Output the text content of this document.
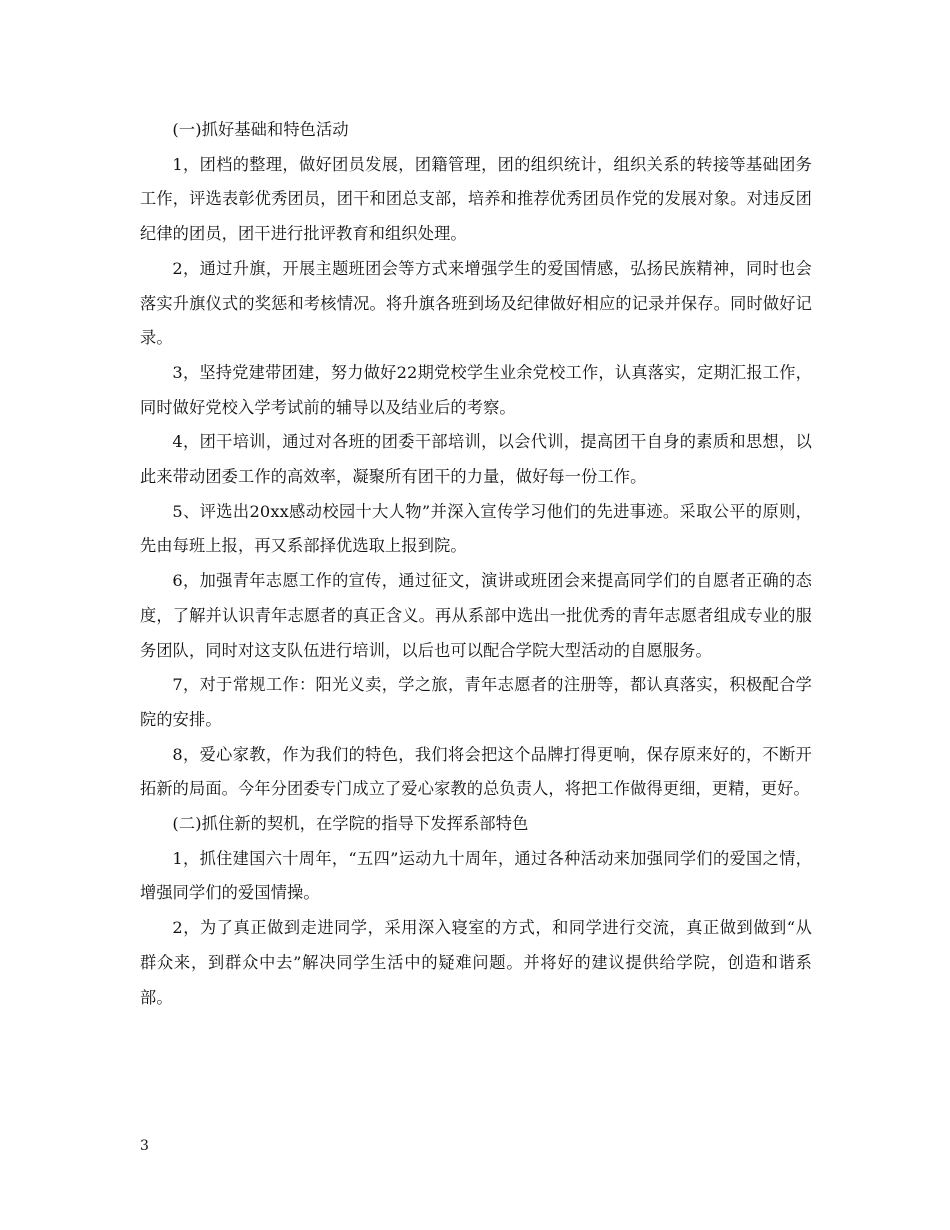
(一)抓好基础和特色活动

1，团档的整理，做好团员发展，团籍管理，团的组织统计，组织关系的转接等基础团务工作，评选表彰优秀团员，团干和团总支部，培养和推荐优秀团员作党的发展对象。对违反团纪律的团员，团干进行批评教育和组织处理。

2，通过升旗，开展主题班团会等方式来增强学生的爱国情感，弘扬民族精神，同时也会落实升旗仪式的奖惩和考核情况。将升旗各班到场及纪律做好相应的记录并保存。同时做好记录。

3，坚持党建带团建，努力做好22期党校学生业余党校工作，认真落实，定期汇报工作，同时做好党校入学考试前的辅导以及结业后的考察。

4，团干培训，通过对各班的团委干部培训，以会代训，提高团干自身的素质和思想，以此来带动团委工作的高效率，凝聚所有团干的力量，做好每一份工作。

5、评选出20xx感动校园十大人物”并深入宣传学习他们的先进事迹。采取公平的原则，先由每班上报，再又系部择优选取上报到院。

6，加强青年志愿工作的宣传，通过征文，演讲或班团会来提高同学们的自愿者正确的态度，了解并认识青年志愿者的真正含义。再从系部中选出一批优秀的青年志愿者组成专业的服务团队，同时对这支队伍进行培训，以后也可以配合学院大型活动的自愿服务。

7，对于常规工作：阳光义卖，学之旅，青年志愿者的注册等，都认真落实，积极配合学院的安排。

8，爱心家教，作为我们的特色，我们将会把这个品牌打得更响，保存原来好的，不断开拓新的局面。今年分团委专门成立了爱心家教的总负责人，将把工作做得更细，更精，更好。

(二)抓住新的契机，在学院的指导下发挥系部特色

1，抓住建国六十周年，“五四”运动九十周年，通过各种活动来加强同学们的爱国之情，增强同学们的爱国情操。

2，为了真正做到走进同学，采用深入寝室的方式，和同学进行交流，真正做到做到“从群众来，到群众中去”解决同学生活中的疑难问题。并将好的建议提供给学院，创造和谐系部。

3
